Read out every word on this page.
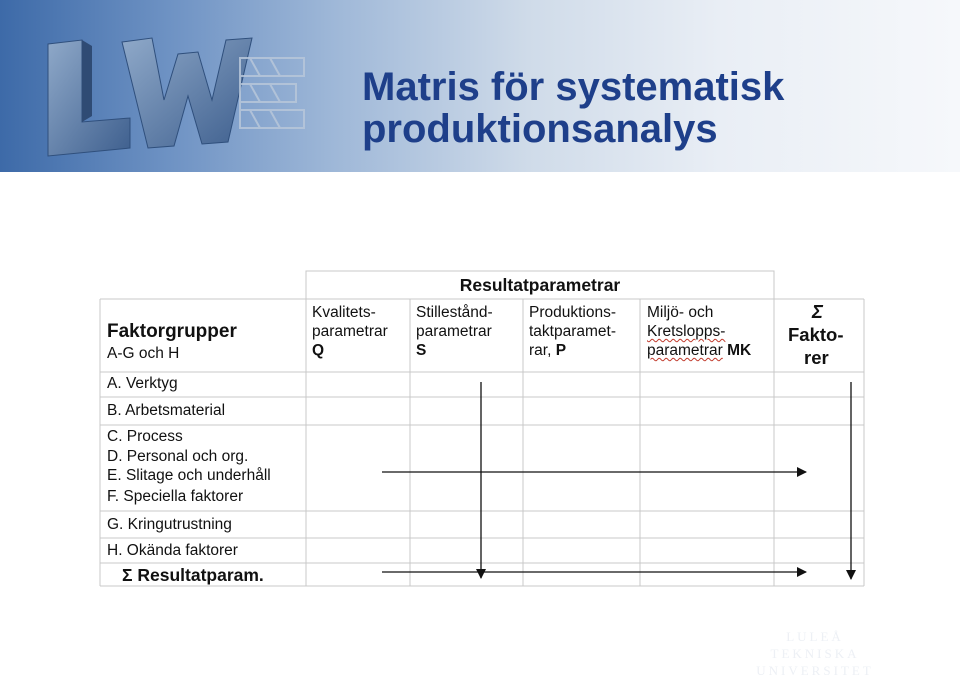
Matris för systematisk
produktionsanalys
Resultatparametrar
Faktorgrupper
A-G och H
Kvalitets-
parametrar
Q
Stillestånd-
parametrar
S
Produktions-
taktparamet-
rar, P
Miljö- och
Kretslopps-
parametrar MK
Σ
Fakto-
rer
A. Verktyg
B. Arbetsmaterial
C. Process
D. Personal och org.
E. Slitage och underhåll
F. Speciella faktorer
G. Kringutrustning
H. Okända faktorer
Σ Resultatparam.
LULEÅ
TEKNISKA
UNIVERSITET
